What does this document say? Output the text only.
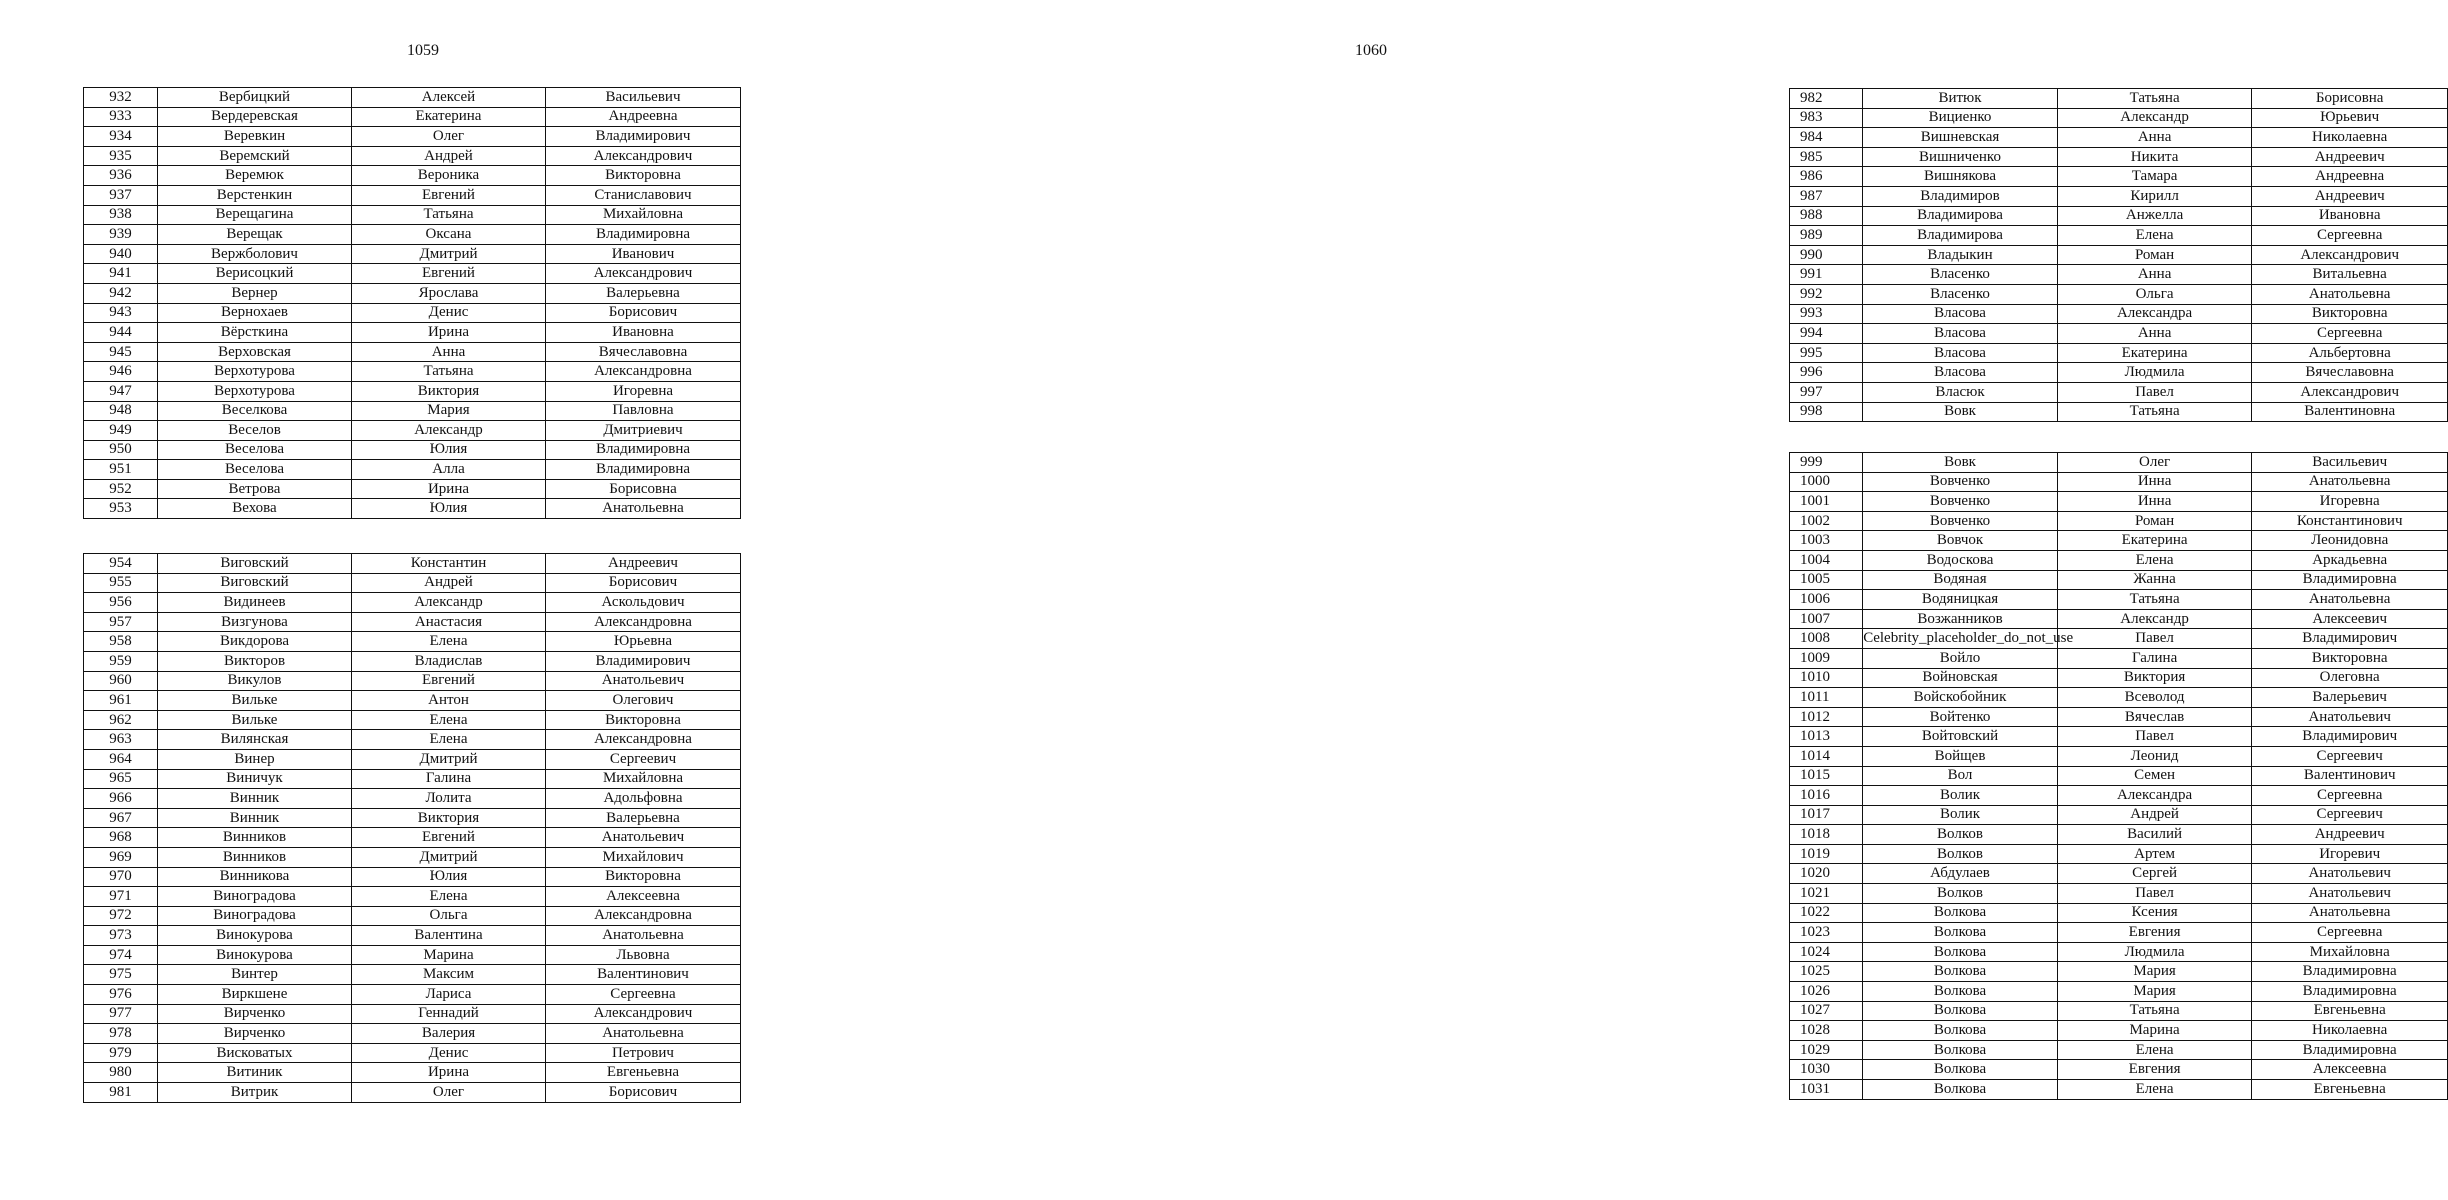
1059
932	Вербицкий	Алексей	Васильевич
933	Вердеревская	Екатерина	Андреевна
934	Веревкин	Олег	Владимирович
935	Веремский	Андрей	Александрович
936	Веремюк	Вероника	Викторовна
937	Верстенкин	Евгений	Станиславович
938	Верещагина	Татьяна	Михайловна
939	Верещак	Оксана	Владимировна
940	Вержболович	Дмитрий	Иванович
941	Верисоцкий	Евгений	Александрович
942	Вернер	Ярослава	Валерьевна
943	Вернохаев	Денис	Борисович
944	Вёрсткина	Ирина	Ивановна
945	Верховская	Анна	Вячеславовна
946	Верхотурова	Татьяна	Александровна
947	Верхотурова	Виктория	Игоревна
948	Веселкова	Мария	Павловна
949	Веселов	Александр	Дмитриевич
950	Веселова	Юлия	Владимировна
951	Веселова	Алла	Владимировна
952	Ветрова	Ирина	Борисовна
953	Вехова	Юлия	Анатольевна
954	Виговский	Константин	Андреевич
955	Виговский	Андрей	Борисович
956	Видинеев	Александр	Аскольдович
957	Визгунова	Анастасия	Александровна
958	Викдорова	Елена	Юрьевна
959	Викторов	Владислав	Владимирович
960	Викулов	Евгений	Анатольевич
961	Вильке	Антон	Олегович
962	Вильке	Елена	Викторовна
963	Вилянская	Елена	Александровна
964	Винер	Дмитрий	Сергеевич
965	Виничук	Галина	Михайловна
966	Винник	Лолита	Адольфовна
967	Винник	Виктория	Валерьевна
968	Винников	Евгений	Анатольевич
969	Винников	Дмитрий	Михайлович
970	Винникова	Юлия	Викторовна
971	Виноградова	Елена	Алексеевна
972	Виноградова	Ольга	Александровна
973	Винокурова	Валентина	Анатольевна
974	Винокурова	Марина	Львовна
975	Винтер	Максим	Валентинович
976	Виркшене	Лариса	Сергеевна
977	Вирченко	Геннадий	Александрович
978	Вирченко	Валерия	Анатольевна
979	Висковатых	Денис	Петрович
980	Витиник	Ирина	Евгеньевна
981	Витрик	Олег	Борисович
1060
982	Витюк	Татьяна	Борисовна
983	Вициенко	Александр	Юрьевич
984	Вишневская	Анна	Николаевна
985	Вишниченко	Никита	Андреевич
986	Вишнякова	Тамара	Андреевна
987	Владимиров	Кирилл	Андреевич
988	Владимирова	Анжелла	Ивановна
989	Владимирова	Елена	Сергеевна
990	Владыкин	Роман	Александрович
991	Власенко	Анна	Витальевна
992	Власенко	Ольга	Анатольевна
993	Власова	Александра	Викторовна
994	Власова	Анна	Сергеевна
995	Власова	Екатерина	Альбертовна
996	Власова	Людмила	Вячеславовна
997	Власюк	Павел	Александрович
998	Вовк	Татьяна	Валентиновна
999	Вовк	Олег	Васильевич
1000	Вовченко	Инна	Анатольевна
1001	Вовченко	Инна	Игоревна
1002	Вовченко	Роман	Константинович
1003	Вовчок	Екатерина	Леонидовна
1004	Водоскова	Елена	Аркадьевна
1005	Водяная	Жанна	Владимировна
1006	Водяницкая	Татьяна	Анатольевна
1007	Возжанников	Александр	Алексеевич
1008	Celebrity_placeholder_do_not_use	Павел	Владимирович
1009	Войло	Галина	Викторовна
1010	Войновская	Виктория	Олеговна
1011	Войскобойник	Всеволод	Валерьевич
1012	Войтенко	Вячеслав	Анатольевич
1013	Войтовский	Павел	Владимирович
1014	Войщев	Леонид	Сергеевич
1015	Вол	Семен	Валентинович
1016	Волик	Александра	Сергеевна
1017	Волик	Андрей	Сергеевич
1018	Волков	Василий	Андреевич
1019	Волков	Артем	Игоревич
1020	Абдулаев	Сергей	Анатольевич
1021	Волков	Павел	Анатольевич
1022	Волкова	Ксения	Анатольевна
1023	Волкова	Евгения	Сергеевна
1024	Волкова	Людмила	Михайловна
1025	Волкова	Мария	Владимировна
1026	Волкова	Мария	Владимировна
1027	Волкова	Татьяна	Евгеньевна
1028	Волкова	Марина	Николаевна
1029	Волкова	Елена	Владимировна
1030	Волкова	Евгения	Алексеевна
1031	Волкова	Елена	Евгеньевна
